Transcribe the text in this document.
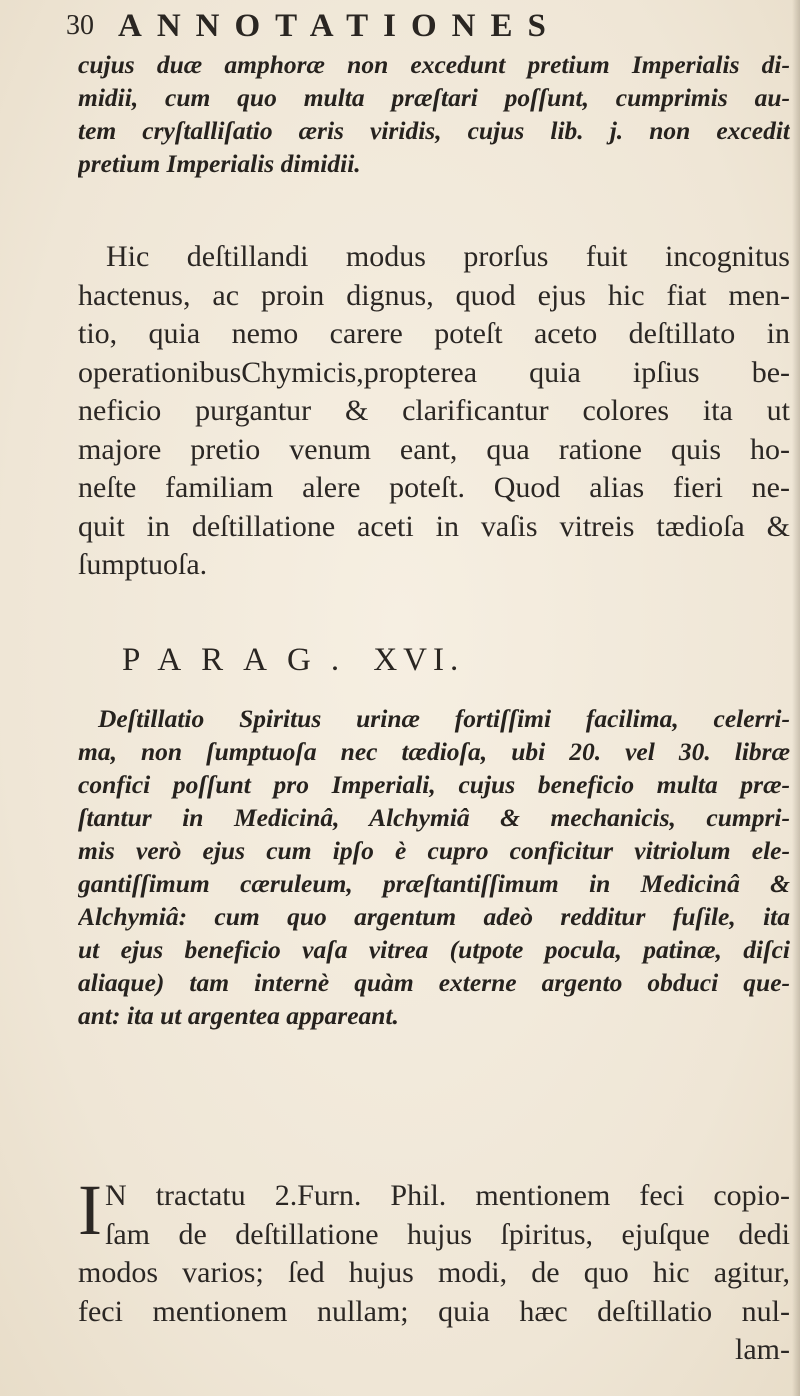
30 ANNOTATIONES
cujus duæ amphoræ non excedunt pretium Imperialis di-
midii, cum quo multa præſtari poſſunt, cumprimis au-
tem cryſtalliſatio æris viridis, cujus lib. j. non excedit
pretium Imperialis dimidii.
Hic deſtillandi modus prorſus fuit incognitus
hactenus, ac proin dignus, quod ejus hic fiat men-
tio, quia nemo carere poteſt aceto deſtillato in
operationibusChymicis,propterea quia ipſius be-
neficio purgantur & clarificantur colores ita ut
majore pretio venum eant, qua ratione quis ho-
neſte familiam alere poteſt. Quod alias fieri ne-
quit in deſtillatione aceti in vaſis vitreis tædioſa &
ſumptuoſa.
PARAG. XVI.
Deſtillatio Spiritus urinæ fortiſſimi facilima, celerri-
ma, non ſumptuoſa nec tædioſa, ubi 20. vel 30. libræ
confici poſſunt pro Imperiali, cujus beneficio multa præ-
ſtantur in Medicinâ, Alchymiâ & mechanicis, cumpri-
mis verò ejus cum ipſo è cupro conficitur vitriolum ele-
gantiſſimum cæruleum, præſtantiſſimum in Medicinâ &
Alchymiâ: cum quo argentum adeò redditur fuſile, ita
ut ejus beneficio vaſa vitrea (utpote pocula, patinæ, diſci
aliaque) tam internè quàm externe argento obduci que-
ant: ita ut argentea appareant.
I N tractatu 2.Furn. Phil. mentionem feci copio-
ſam de deſtillatione hujus ſpiritus, ejuſque dedi
modos varios; ſed hujus modi, de quo hic agitur,
feci mentionem nullam; quia hæc deſtillatio nul-
lam-
